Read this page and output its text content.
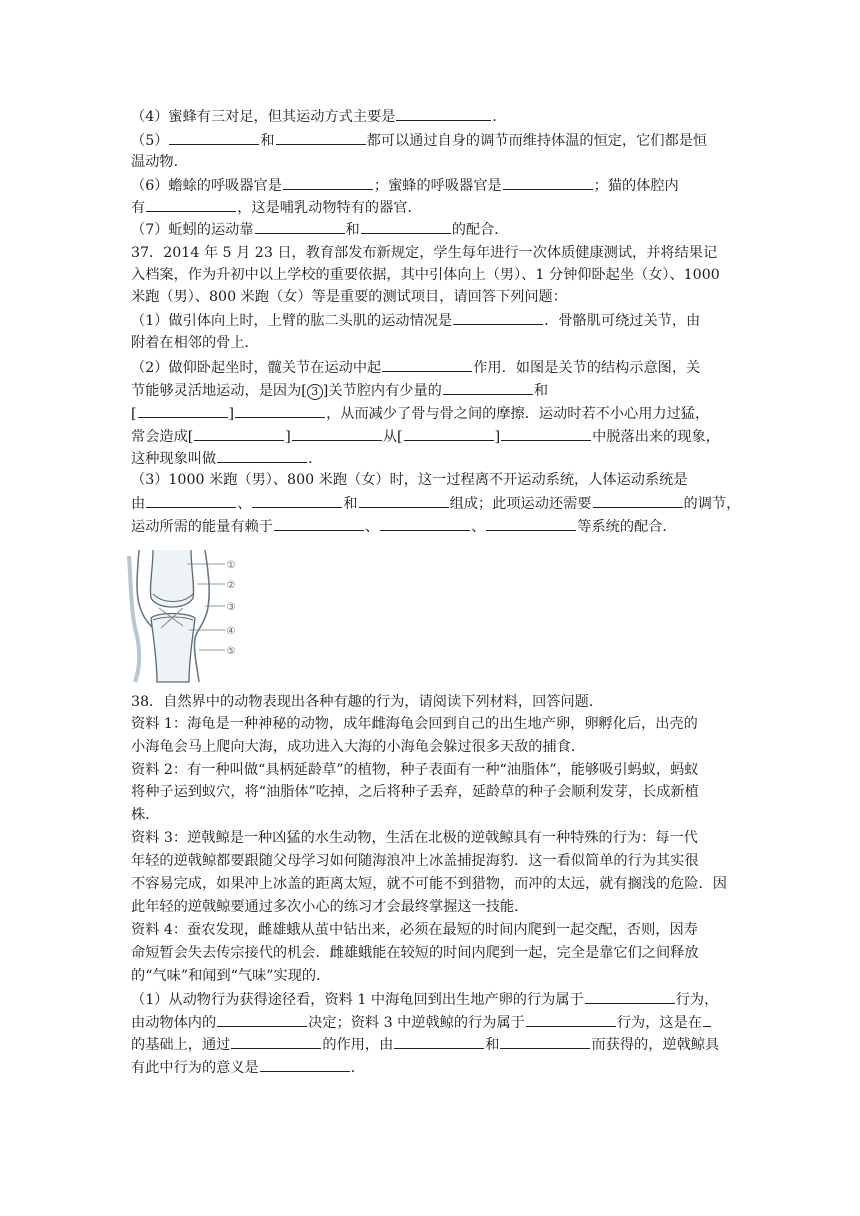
（4）蜜蜂有三对足，但其运动方式主要是	．
（5）	和	都可以通过自身的调节而维持体温的恒定，它们都是恒
温动物．
（6）蟾蜍的呼吸器官是	；蜜蜂的呼吸器官是	；猫的体腔内
有	，这是哺乳动物特有的器官．
（7）蚯蚓的运动靠	和	的配合．
37．2014 年 5 月 23 日，教育部发布新规定，学生每年进行一次体质健康测试，并将结果记
入档案，作为升初中以上学校的重要依据，其中引体向上（男）、1 分钟仰卧起坐（女）、1000
米跑（男）、800 米跑（女）等是重要的测试项目，请回答下列问题：
（1）做引体向上时，上臂的肱二头肌的运动情况是	．骨骼肌可绕过关节，由
附着在相邻的骨上．
（2）做仰卧起坐时，髋关节在运动中起	作用．如图是关节的结构示意图，关
节能够灵活地运动，是因为[ 3 ]关节腔内有少量的	和
[	]	，从而减少了骨与骨之间的摩擦．运动时若不小心用力过猛，
常会造成[	]	从[	]	中脱落出来的现象，
这种现象叫做	．
（3）1000 米跑（男）、800 米跑（女）时，这一过程离不开运动系统，人体运动系统是
由	、	和	组成；此项运动还需要	的调节，
运动所需的能量有赖于	、	、	等系统的配合．
①
②
③
④
⑤
38．自然界中的动物表现出各种有趣的行为，请阅读下列材料，回答问题．
资料 1：海龟是一种神秘的动物，成年雌海龟会回到自己的出生地产卵，卵孵化后，出壳的
小海龟会马上爬向大海，成功进入大海的小海龟会躲过很多天敌的捕食．
资料 2：有一种叫做“具柄延龄草”的植物，种子表面有一种“油脂体”，能够吸引蚂蚁，蚂蚁
将种子运到蚁穴，将“油脂体”吃掉，之后将种子丢弃，延龄草的种子会顺利发芽，长成新植
株．
资料 3：逆戟鲸是一种凶猛的水生动物，生活在北极的逆戟鲸具有一种特殊的行为：每一代
年轻的逆戟鲸都要跟随父母学习如何随海浪冲上冰盖捕捉海豹．这一看似简单的行为其实很
不容易完成，如果冲上冰盖的距离太短，就不可能不到猎物，而冲的太远，就有搁浅的危险．因
此年轻的逆戟鲸要通过多次小心的练习才会最终掌握这一技能．
资料 4：蚕农发现，雌雄蛾从茧中钻出来，必须在最短的时间内爬到一起交配，否则，因寿
命短暂会失去传宗接代的机会．雌雄蛾能在较短的时间内爬到一起，完全是靠它们之间释放
的“气味”和闻到“气味”实现的．
（1）从动物行为获得途径看，资料 1 中海龟回到出生地产卵的行为属于	行为，
由动物体内的	决定；资料 3 中逆戟鲸的行为属于	行为，这是在
的基础上，通过	的作用，由	和	而获得的，逆戟鲸具
有此中行为的意义是	．
